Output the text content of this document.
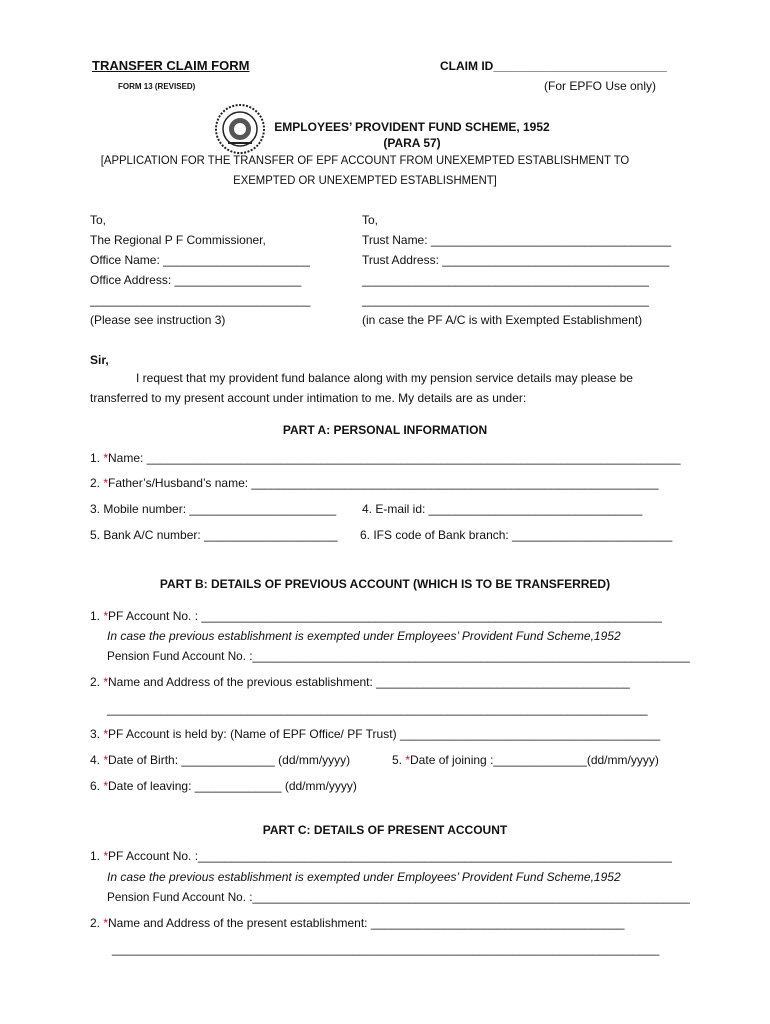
TRANSFER CLAIM FORM
FORM 13 (REVISED)
CLAIM ID__________________________
(For EPFO Use only)
EMPLOYEES’ PROVIDENT FUND SCHEME, 1952
(PARA 57)
[APPLICATION FOR THE TRANSFER OF EPF ACCOUNT FROM UNEXEMPTED ESTABLISHMENT TO
EXEMPTED OR UNEXEMPTED ESTABLISHMENT]
To,
The Regional P F Commissioner,
Office Name: ______________________
Office Address: ___________________
_________________________________
(Please see instruction 3)
To,
Trust Name: ____________________________________
Trust Address: __________________________________
___________________________________________
___________________________________________
(in case the PF A/C is with Exempted Establishment)
Sir,
I request that my provident fund balance along with my pension service details may please be
transferred to my present account under intimation to me. My details are as under:
PART A: PERSONAL INFORMATION
1. *Name: ________________________________________________________________________________
2. *Father’s/Husband’s name: _____________________________________________________________
3. Mobile number: ______________________ 4. E-mail id: ________________________________
5. Bank A/C number: ____________________ 6. IFS code of Bank branch: ________________________
PART B: DETAILS OF PREVIOUS ACCOUNT (WHICH IS TO BE TRANSFERRED)
1. *PF Account No. : _____________________________________________________________________
In case the previous establishment is exempted under Employees’ Provident Fund Scheme,1952
Pension Fund Account No. :___________________________________________________________________
2. *Name and Address of the previous establishment: ______________________________________
_________________________________________________________________________________
3. *PF Account is held by: (Name of EPF Office/ PF Trust) _______________________________________
4. *Date of Birth: ______________ (dd/mm/yyyy)	5. *Date of joining :______________(dd/mm/yyyy)
6. *Date of leaving: _____________ (dd/mm/yyyy)
PART C: DETAILS OF PRESENT ACCOUNT
1. *PF Account No. :_______________________________________________________________________
In case the previous establishment is exempted under Employees’ Provident Fund Scheme,1952
Pension Fund Account No. :___________________________________________________________________
2. *Name and Address of the present establishment: ______________________________________
__________________________________________________________________________________
